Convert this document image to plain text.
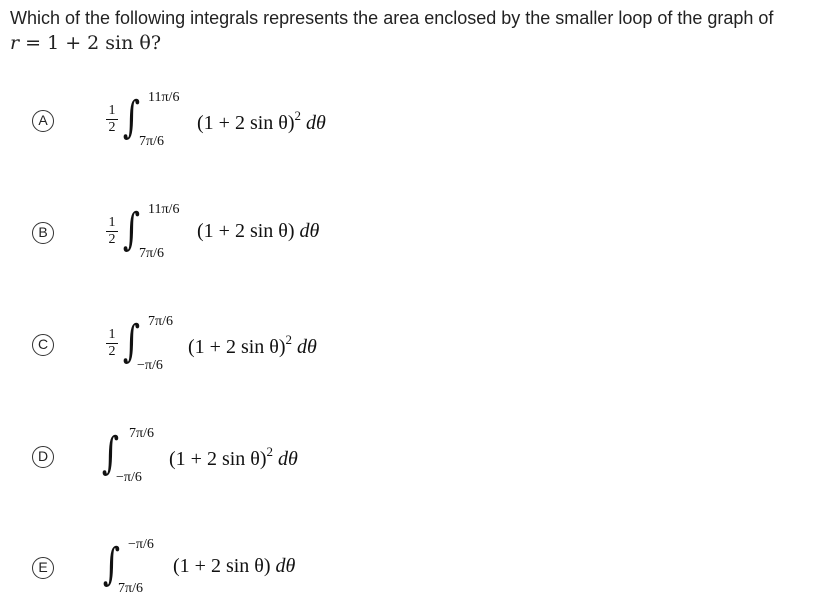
Which of the following integrals represents the area enclosed by the smaller loop of the graph of
r = 1 + 2 sin θ?
A
1
2 ∫ 11π/6
7π/6
(1 + 2 sin θ)$^2$ dθ
B
1
2 ∫ 11π/6
7π/6
(1 + 2 sin θ) dθ
C
1
2 ∫ 7π/6
−π/6
(1 + 2 sin θ)$^2$ dθ
D ∫ 7π/6
−π/6
(1 + 2 sin θ)$^2$ dθ
E ∫ −π/6
7π/6
(1 + 2 sin θ) dθ
